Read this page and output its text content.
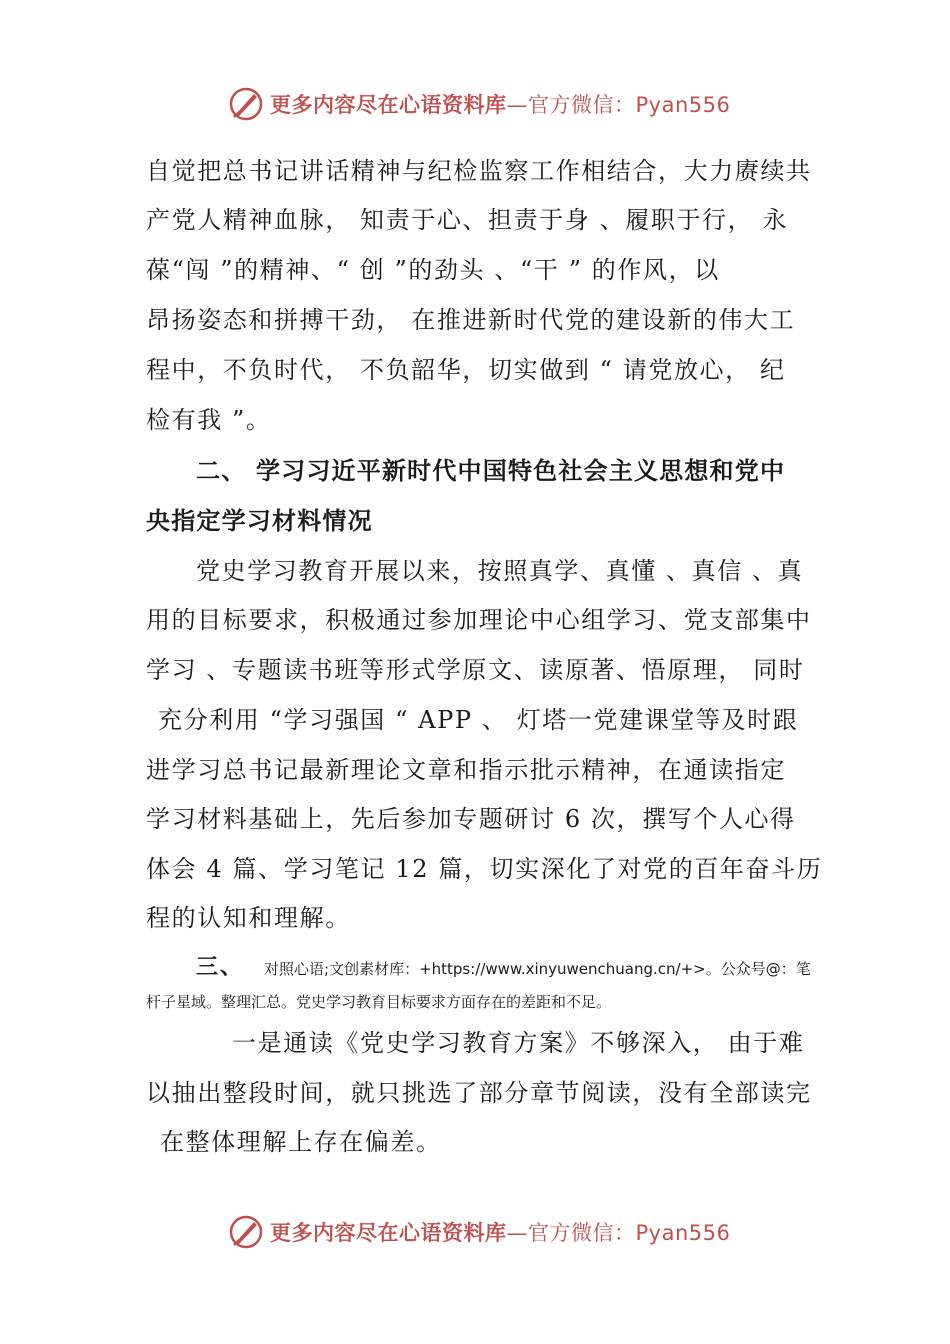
更多内容尽在心语资料库—官方微信：Pyan556
自觉把总书记讲话精神与纪检监察工作相结合，大力赓续共
产党人精神血脉， 知责于心、担责于身 、履职于行， 永
葆“闯 ”的精神、“ 创 ”的劲头 、“干 ” 的作风，以
昂扬姿态和拼搏干劲， 在推进新时代党的建设新的伟大工
程中，不负时代， 不负韶华，切实做到 “ 请党放心， 纪
检有我 ”。
二、 学习习近平新时代中国特色社会主义思想和党中
央指定学习材料情况
党史学习教育开展以来，按照真学、真懂 、真信 、真
用的目标要求，积极通过参加理论中心组学习、党支部集中
学习 、专题读书班等形式学原文、读原著、悟原理， 同时
充分利用 “学习强国 “ APP 、 灯塔一党建课堂等及时跟
进学习总书记最新理论文章和指示批示精神，在通读指定
学习材料基础上，先后参加专题研讨 6 次，撰写个人心得
体会 4 篇、学习笔记 12 篇，切实深化了对党的百年奋斗历
程的认知和理解。
三、 对照心语;文创素材库：+https://www.xinyuwenchuang.cn/+>。公众号@：笔
杆子星域。整理汇总。党史学习教育目标要求方面存在的差距和不足。
一是通读《党史学习教育方案》不够深入， 由于难
以抽出整段时间，就只挑选了部分章节阅读，没有全部读完
在整体理解上存在偏差。
更多内容尽在心语资料库—官方微信：Pyan556
